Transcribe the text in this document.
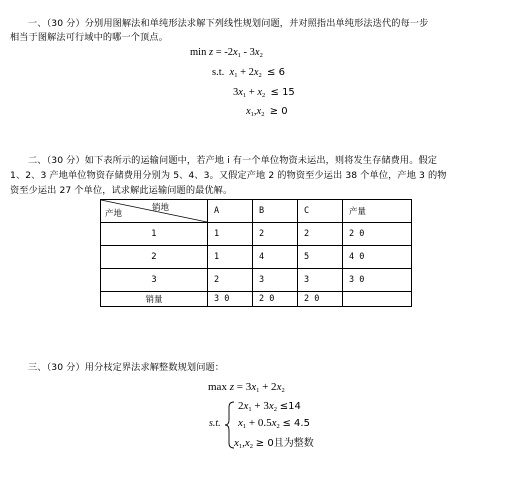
一、（30 分）分别用图解法和单纯形法求解下列线性规划问题，并对照指出单纯形法迭代的每一步
相当于图解法可行域中的哪一个顶点。
$\min z = -2x_1 - 3x_2$
s.t. $x_1 + 2x_2 \le 6$
$3x_1 + x_2 \le 15$
$x_1,x_2 \ge 0$
二、（30 分）如下表所示的运输问题中，若产地 i 有一个单位物资未运出，则将发生存储费用。假定
1、2、3 产地单位物资存储费用分别为 5、4、3。又假定产地 2 的物资至少运出 38 个单位，产地 3 的物
资至少运出 27 个单位，试求解此运输问题的最优解。
销地
产地	A	B	C	产量
1	1	2	2	2 0
2	1	4	5	4 0
3	2	3	3	3 0
销量	3 0	2 0	2 0	
三、（30 分）用分枝定界法求解整数规划问题：
$\max z = 3x_1 + 2x_2$
s.t.
$2x_1 + 3x_2 \le 14$
$x_1 + 0.5x_2 \le 4.5$
$x_1,x_2 \ge 0$且为整数
